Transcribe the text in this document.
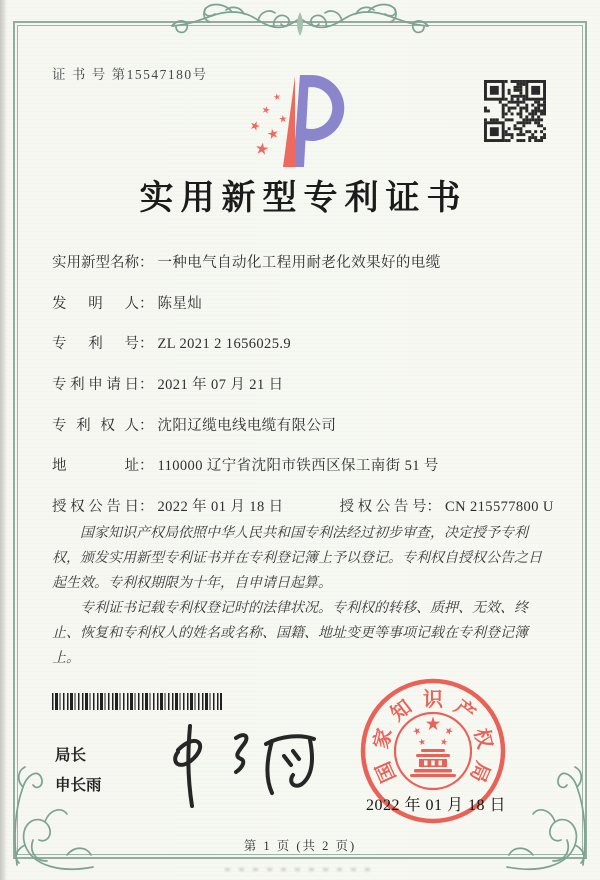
证 书 号 第15547180号
实用新型专利证书
实用新型名称 ： 一种电气自动化工程用耐老化效果好的电缆
发明人 ： 陈星灿
专利号 ： ZL 2021 2 1656025.9
专利申请日 ： 2021 年 07 月 21 日
专利权人 ： 沈阳辽缆电线电缆有限公司
地址 ： 110000 辽宁省沈阳市铁西区保工南街 51 号
授权公告日 ： 2022 年 01 月 18 日	授权公告号 ： CN 215577800 U

国家知识产权局依照中华人民共和国专利法经过初步审查，决定授予专利权，颁发实用新型专利证书并在专利登记簿上予以登记。专利权自授权公告之日起生效。专利权期限为十年，自申请日起算。

专利证书记载专利权登记时的法律状况。专利权的转移、质押、无效、终止、恢复和专利权人的姓名或名称、国籍、地址变更等事项记载在专利登记簿上。

局长
申长雨
国
家
知 识 产
权
局
2022 年 01 月 18 日
第 1 页 (共 2 页)
